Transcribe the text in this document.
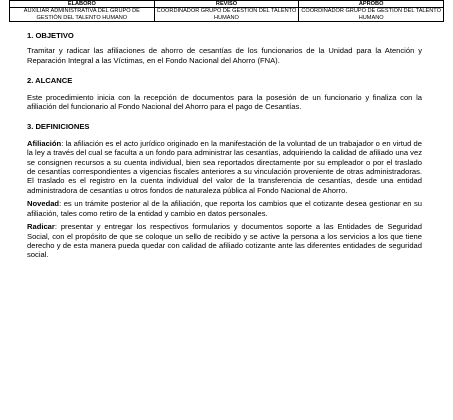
ELABORÓ	REVISÓ	APROBÓ
AUXILIAR ADMINISTRATIVA DEL GRUPO DE GESTIÓN DEL TALENTO HUMANO	COORDINADOR GRUPO DE GESTIÓN DEL TALENTO HUMANO	COORDINADOR GRUPO DE GESTIÓN DEL TALENTO HUMANO
1. OBJETIVO

Tramitar y radicar las afiliaciones de ahorro de cesantías de los funcionarios de la Unidad para la Atención y Reparación Integral a las Víctimas, en el Fondo Nacional del Ahorro (FNA).

2. ALCANCE

Este procedimiento inicia con la recepción de documentos para la posesión de un funcionario y finaliza con la afiliación del funcionario al Fondo Nacional del Ahorro para el pago de Cesantías.

3. DEFINICIONES

Afiliación: la afiliación es el acto jurídico originado en la manifestación de la voluntad de un trabajador o en virtud de la ley a través del cual se faculta a un fondo para administrar las cesantías, adquiriendo la calidad de afiliado una vez se consignen recursos a su cuenta individual, bien sea reportados directamente por su empleador o por el traslado de cesantías correspondientes a vigencias fiscales anteriores a su vinculación proveniente de otras administradoras. El traslado es el registro en la cuenta individual del valor de la transferencia de cesantías, desde una entidad administradora de cesantías u otros fondos de naturaleza pública al Fondo Nacional de Ahorro.

Novedad: es un trámite posterior al de la afiliación, que reporta los cambios que el cotizante desea gestionar en su afiliación, tales como retiro de la entidad y cambio en datos personales.

Radicar: presentar y entregar los respectivos formularios y documentos soporte a las Entidades de Seguridad Social, con el propósito de que se coloque un sello de recibido y se active la persona a los servicios a los que tiene derecho y de esta manera pueda quedar con calidad de afiliado cotizante ante las diferentes entidades de seguridad social.
